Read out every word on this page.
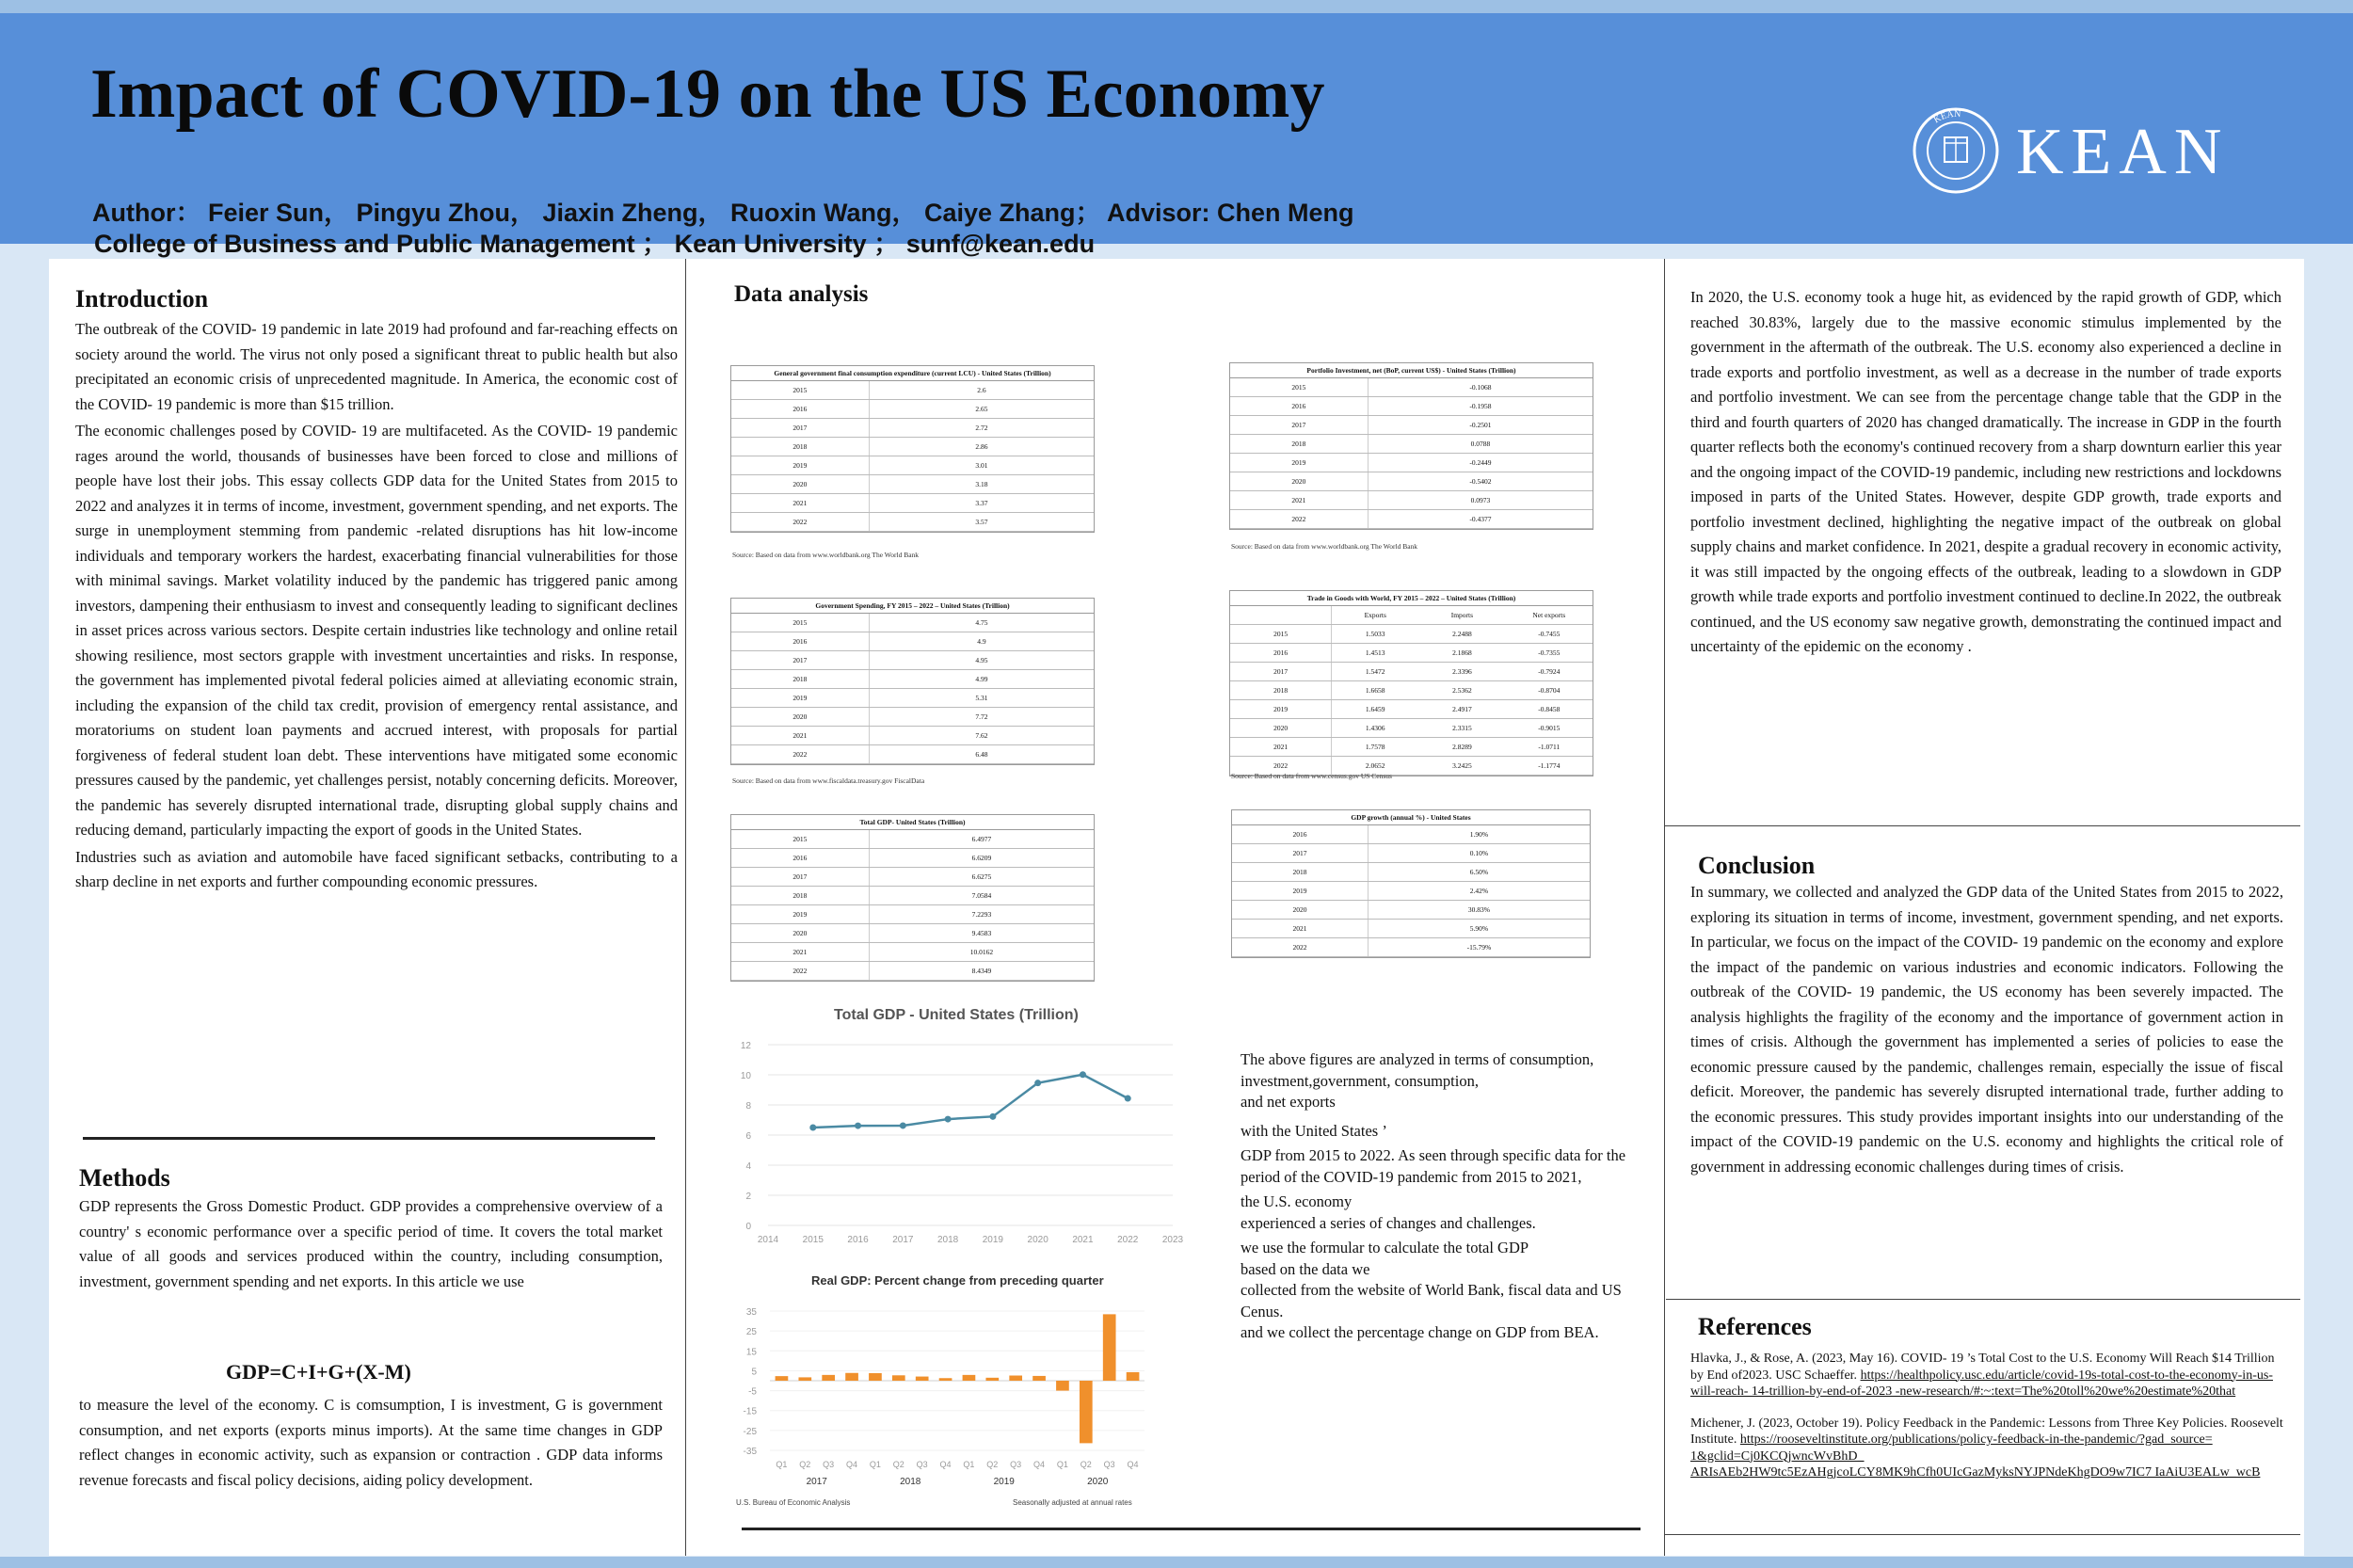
Impact of COVID-19 on the US Economy
Author： Feier Sun， Pingyu Zhou， Jiaxin Zheng， Ruoxin Wang， Caiye Zhang； Advisor: Chen Meng
College of Business and Public Management ； Kean University ； sunf@kean.edu
KEAN
KEAN
Introduction

The outbreak of the COVID- 19 pandemic in late 2019 had profound and far-reaching effects on society around the world. The virus not only posed a significant threat to public health but also precipitated an economic crisis of unprecedented magnitude. In America, the economic cost of the COVID- 19 pandemic is more than $15 trillion.

The economic challenges posed by COVID- 19 are multifaceted. As the COVID- 19 pandemic rages around the world, thousands of businesses have been forced to close and millions of people have lost their jobs. This essay collects GDP data for the United States from 2015 to 2022 and analyzes it in terms of income, investment, government spending, and net exports. The surge in unemployment stemming from pandemic -related disruptions has hit low-income individuals and temporary workers the hardest, exacerbating financial vulnerabilities for those with minimal savings. Market volatility induced by the pandemic has triggered panic among investors, dampening their enthusiasm to invest and consequently leading to significant declines in asset prices across various sectors. Despite certain industries like technology and online retail showing resilience, most sectors grapple with investment uncertainties and risks. In response, the government has implemented pivotal federal policies aimed at alleviating economic strain, including the expansion of the child tax credit, provision of emergency rental assistance, and moratoriums on student loan payments and accrued interest, with proposals for partial forgiveness of federal student loan debt. These interventions have mitigated some economic pressures caused by the pandemic, yet challenges persist, notably concerning deficits. Moreover, the pandemic has severely disrupted international trade, disrupting global supply chains and reducing demand, particularly impacting the export of goods in the United States.

Industries such as aviation and automobile have faced significant setbacks, contributing to a sharp decline in net exports and further compounding economic pressures.

Methods
GDP represents the Gross Domestic Product. GDP provides a comprehensive overview of a country' s economic performance over a specific period of time. It covers the total market value of all goods and services produced within the country, including consumption, investment, government spending and net exports. In this article we use
GDP=C+I+G+(X-M)
to measure the level of the economy. C is comsumption, I is investment, G is government consumption, and net exports (exports minus imports). At the same time changes in GDP reflect changes in economic activity, such as expansion or contraction . GDP data informs revenue forecasts and fiscal policy decisions, aiding policy development.
Data analysis
General government final consumption expenditure (current LCU) - United States (Trillion)
2015	2.6
2016	2.65
2017	2.72
2018	2.86
2019	3.01
2020	3.18
2021	3.37
2022	3.57
Source: Based on data from www.worldbank.org The World Bank
Portfolio Investment, net (BoP, current US$) - United States (Trillion)
2015	-0.1068
2016	-0.1958
2017	-0.2501
2018	0.0788
2019	-0.2449
2020	-0.5402
2021	0.0973
2022	-0.4377
Source: Based on data from www.worldbank.org The World Bank
Government Spending, FY 2015 – 2022 – United States (Trillion)
2015	4.75
2016	4.9
2017	4.95
2018	4.99
2019	5.31
2020	7.72
2021	7.62
2022	6.48
Source: Based on data from www.fiscaldata.treasury.gov FiscalData
Trade in Goods with World, FY 2015 – 2022 – United States (Trillion)
	Exports	Imports	Net exports
2015	1.5033	2.2488	-0.7455
2016	1.4513	2.1868	-0.7355
2017	1.5472	2.3396	-0.7924
2018	1.6658	2.5362	-0.8704
2019	1.6459	2.4917	-0.8458
2020	1.4306	2.3315	-0.9015
2021	1.7578	2.8289	-1.0711
2022	2.0652	3.2425	-1.1774
Source: Based on data from www.census.gov US Census
Total GDP- United States (Trillion)
2015	6.4977
2016	6.6209
2017	6.6275
2018	7.0584
2019	7.2293
2020	9.4583
2021	10.0162
2022	8.4349
GDP growth (annual %) - United States
2016	1.90%
2017	0.10%
2018	6.50%
2019	2.42%
2020	30.83%
2021	5.90%
2022	-15.79%
Total GDP - United States (Trillion)
0
2
4
6
8
10
12
2014	2015	2016	2017	2018	2019	2020	2021	2022	2023
Real GDP: Percent change from preceding quarter
35
25
15
5
-5
-15
-25
-35
Q1 Q2 Q3 Q4 Q1 Q2 Q3 Q4 Q1 Q2 Q3 Q4 Q1 Q2 Q3 Q4
2017	2018	2019	2020
U.S. Bureau of Economic Analysis	Seasonally adjusted at annual rates

The above figures are analyzed in terms of consumption,

investment,government, consumption,

and net exports

with the United States ’

GDP from 2015 to 2022. As seen through specific data for the period of the COVID-19 pandemic from 2015 to 2021,

the U.S. economy

experienced a series of changes and challenges.

we use the formular to calculate the total GDP

based on the data we

collected from the website of World Bank, fiscal data and US Cenus.

and we collect the percentage change on GDP from BEA.

In 2020, the U.S. economy took a huge hit, as evidenced by the rapid growth of GDP, which reached 30.83%, largely due to the massive economic stimulus implemented by the government in the aftermath of the outbreak. The U.S. economy also experienced a decline in trade exports and portfolio investment, as well as a decrease in the number of trade exports and portfolio investment. We can see from the percentage change table that the GDP in the third and fourth quarters of 2020 has changed dramatically. The increase in GDP in the fourth quarter reflects both the economy's continued recovery from a sharp downturn earlier this year and the ongoing impact of the COVID-19 pandemic, including new restrictions and lockdowns imposed in parts of the United States. However, despite GDP growth, trade exports and portfolio investment declined, highlighting the negative impact of the outbreak on global supply chains and market confidence. In 2021, despite a gradual recovery in economic activity, it was still impacted by the ongoing effects of the outbreak, leading to a slowdown in GDP growth while trade exports and portfolio investment continued to decline.In 2022, the outbreak continued, and the US economy saw negative growth, demonstrating the continued impact and uncertainty of the epidemic on the economy .
Conclusion
In summary, we collected and analyzed the GDP data of the United States from 2015 to 2022, exploring its situation in terms of income, investment, government spending, and net exports. In particular, we focus on the impact of the COVID- 19 pandemic on the economy and explore the impact of the pandemic on various industries and economic indicators. Following the outbreak of the COVID- 19 pandemic, the US economy has been severely impacted. The analysis highlights the fragility of the economy and the importance of government action in times of crisis. Although the government has implemented a series of policies to ease the economic pressure caused by the pandemic, challenges remain, especially the issue of fiscal deficit. Moreover, the pandemic has severely disrupted international trade, further adding to the economic pressures. This study provides important insights into our understanding of the impact of the COVID-19 pandemic on the U.S. economy and highlights the critical role of government in addressing economic challenges during times of crisis.
References

Hlavka, J., & Rose, A. (2023, May 16). COVID- 19 ’s Total Cost to the U.S. Economy Will Reach $14 Trillion by End of2023. USC Schaeffer. https://healthpolicy.usc.edu/article/covid-19s-total-cost-to-the-economy-in-us-will-reach- 14-trillion-by-end-of-2023 -new-research/#:~:text=The%20toll%20we%20estimate%20that

Michener, J. (2023, October 19). Policy Feedback in the Pandemic: Lessons from Three Key Policies. Roosevelt Institute. https://rooseveltinstitute.org/publications/policy-feedback-in-the-pandemic/?gad_source= 1&gclid=Cj0KCQjwncWvBhD_ ARIsAEb2HW9tc5EzAHgjcoLCY8MK9hCfh0UIcGazMyksNYJPNdeKhgDO9w7IC7 IaAiU3EALw_wcB
